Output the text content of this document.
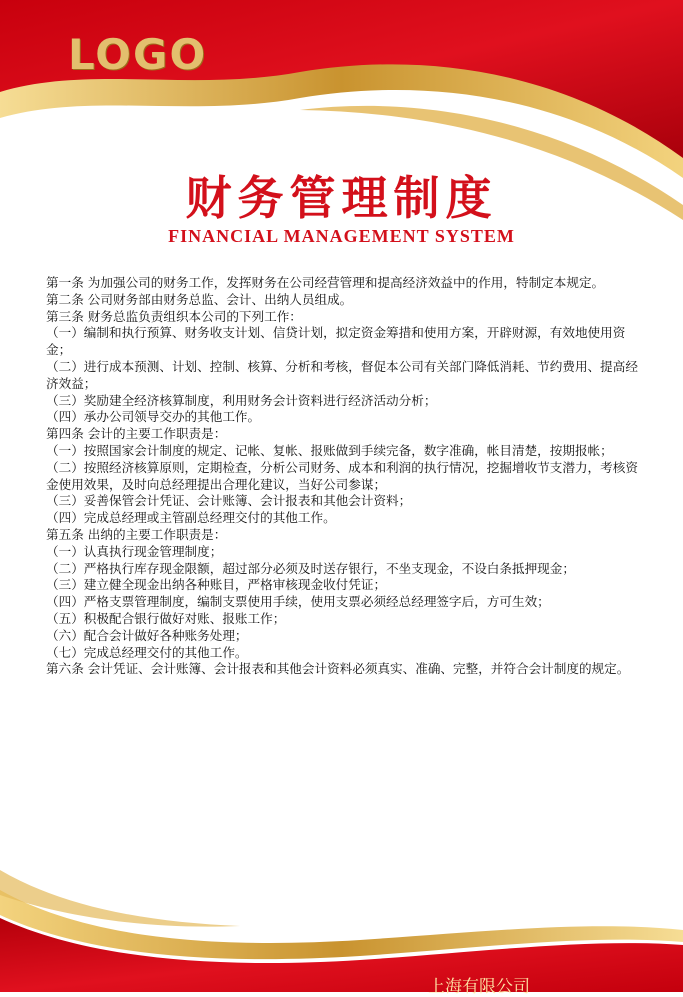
LOGO
财务管理制度
FINANCIAL MANAGEMENT SYSTEM

第一条 为加强公司的财务工作，发挥财务在公司经营管理和提高经济效益中的作用，特制定本规定。

第二条 公司财务部由财务总监、会计、出纳人员组成。

第三条 财务总监负责组织本公司的下列工作：

（一）编制和执行预算、财务收支计划、信贷计划，拟定资金筹措和使用方案，开辟财源，有效地使用资金；

（二）进行成本预测、计划、控制、核算、分析和考核，督促本公司有关部门降低消耗、节约费用、提高经济效益；

（三）奖励建全经济核算制度，利用财务会计资料进行经济活动分析；

（四）承办公司领导交办的其他工作。

第四条 会计的主要工作职责是：

（一）按照国家会计制度的规定、记帐、复帐、报账做到手续完备，数字准确，帐目清楚，按期报帐；

（二）按照经济核算原则，定期检查，分析公司财务、成本和利润的执行情况，挖掘增收节支潜力，考核资金使用效果，及时向总经理提出合理化建议，当好公司参谋；

（三）妥善保管会计凭证、会计账簿、会计报表和其他会计资料；

（四）完成总经理或主管副总经理交付的其他工作。

第五条 出纳的主要工作职责是：

（一）认真执行现金管理制度；

（二）严格执行库存现金限额，超过部分必须及时送存银行，不坐支现金，不设白条抵押现金；

（三）建立健全现金出纳各种账目，严格审核现金收付凭证；

（四）严格支票管理制度，编制支票使用手续，使用支票必须经总经理签字后，方可生效；

（五）积极配合银行做好对账、报账工作；

（六）配合会计做好各种账务处理；

（七）完成总经理交付的其他工作。

第六条 会计凭证、会计账簿、会计报表和其他会计资料必须真实、准确、完整，并符合会计制度的规定。

上海有限公司
